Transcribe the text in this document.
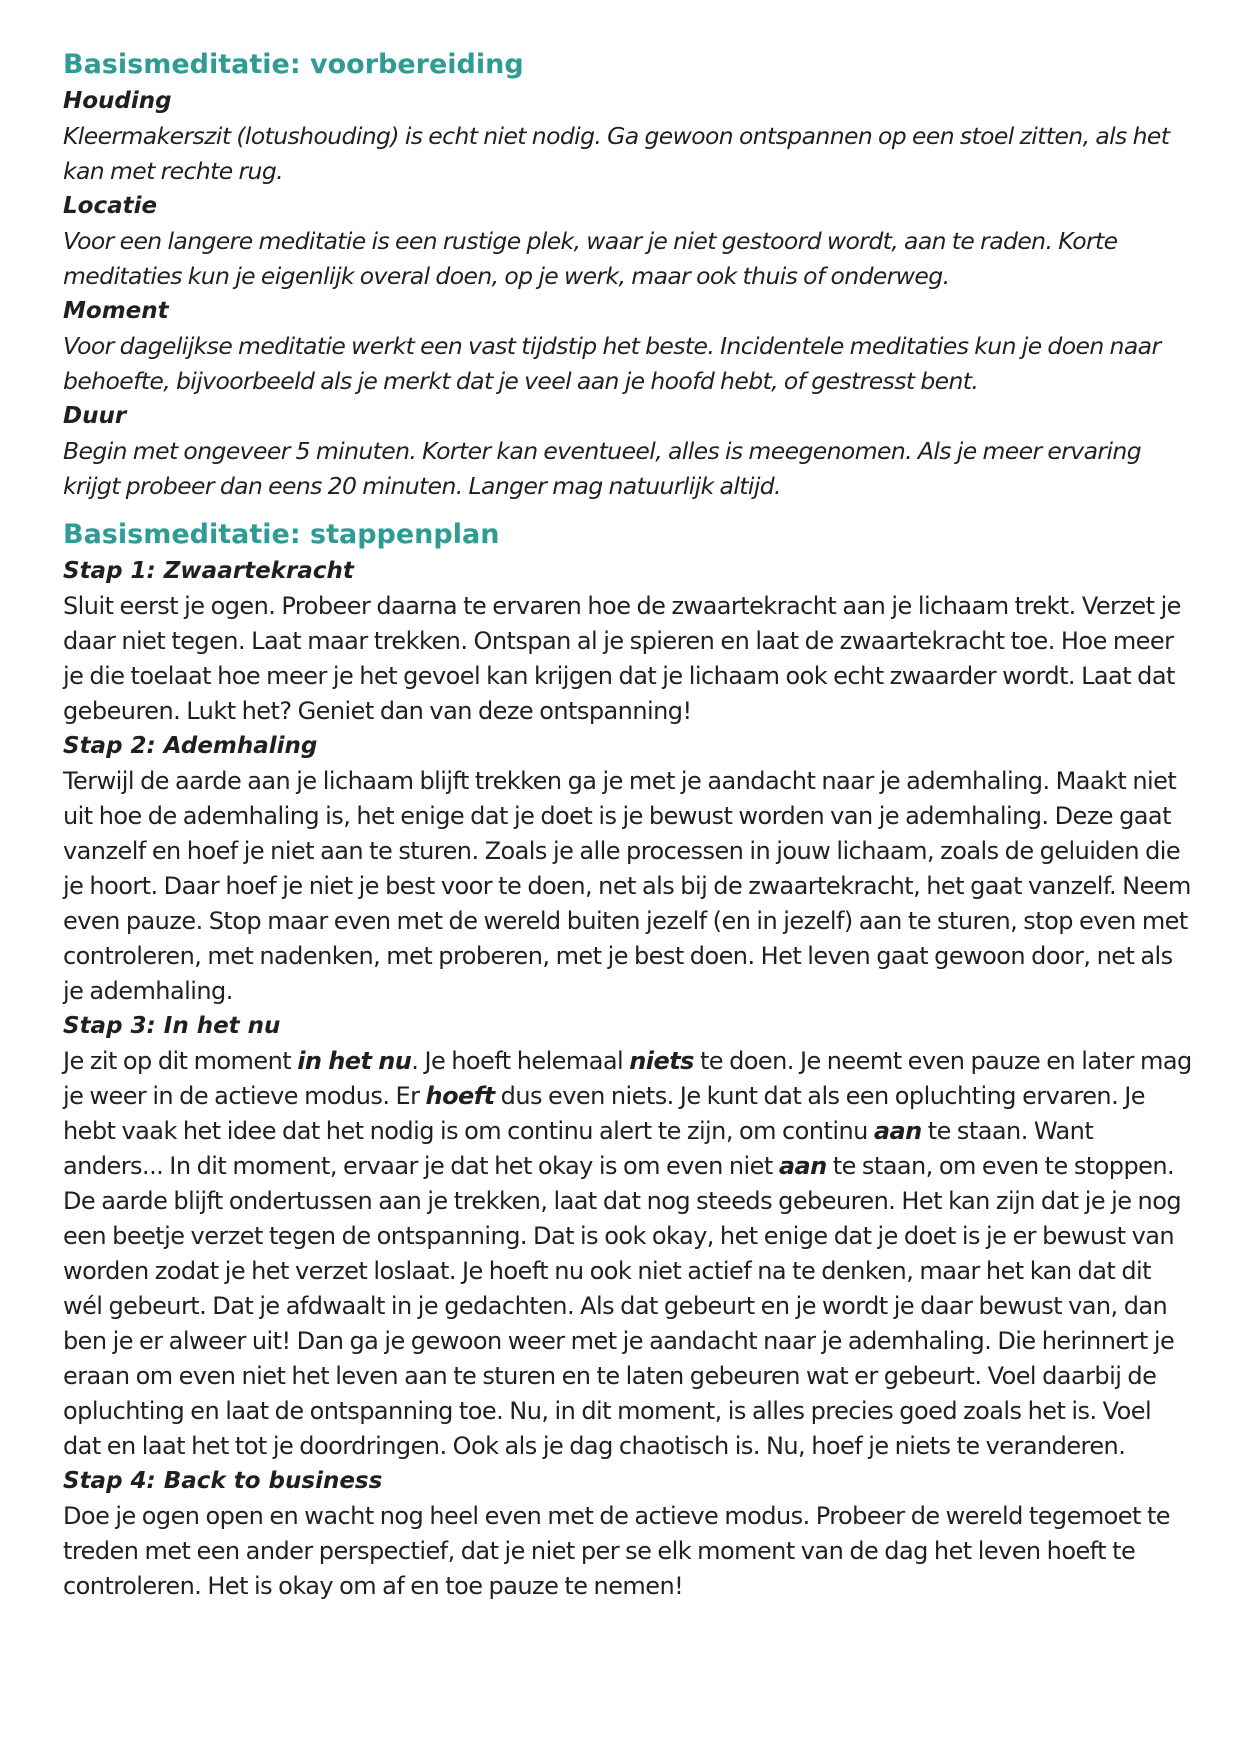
Basismeditatie: voorbereiding
Houding

Kleermakerszit (lotushouding) is echt niet nodig. Ga gewoon ontspannen op een stoel zitten, als het kan met rechte rug.

Locatie

Voor een langere meditatie is een rustige plek, waar je niet gestoord wordt, aan te raden. Korte meditaties kun je eigenlijk overal doen, op je werk, maar ook thuis of onderweg.

Moment

Voor dagelijkse meditatie werkt een vast tijdstip het beste. Incidentele meditaties kun je doen naar behoefte, bijvoorbeeld als je merkt dat je veel aan je hoofd hebt, of gestresst bent.

Duur

Begin met ongeveer 5 minuten. Korter kan eventueel, alles is meegenomen. Als je meer ervaring krijgt probeer dan eens 20 minuten. Langer mag natuurlijk altijd.

Basismeditatie: stappenplan
Stap 1: Zwaartekracht

Sluit eerst je ogen. Probeer daarna te ervaren hoe de zwaartekracht aan je lichaam trekt. Verzet je daar niet tegen. Laat maar trekken. Ontspan al je spieren en laat de zwaartekracht toe. Hoe meer je die toelaat hoe meer je het gevoel kan krijgen dat je lichaam ook echt zwaarder wordt. Laat dat gebeuren. Lukt het? Geniet dan van deze ontspanning!

Stap 2: Ademhaling

Terwijl de aarde aan je lichaam blijft trekken ga je met je aandacht naar je ademhaling. Maakt niet uit hoe de ademhaling is, het enige dat je doet is je bewust worden van je ademhaling. Deze gaat vanzelf en hoef je niet aan te sturen. Zoals je alle processen in jouw lichaam, zoals de geluiden die je hoort. Daar hoef je niet je best voor te doen, net als bij de zwaartekracht, het gaat vanzelf. Neem even pauze. Stop maar even met de wereld buiten jezelf (en in jezelf) aan te sturen, stop even met controleren, met nadenken, met proberen, met je best doen. Het leven gaat gewoon door, net als je ademhaling.

Stap 3: In het nu

Je zit op dit moment in het nu. Je hoeft helemaal niets te doen. Je neemt even pauze en later mag je weer in de actieve modus. Er hoeft dus even niets. Je kunt dat als een opluchting ervaren. Je hebt vaak het idee dat het nodig is om continu alert te zijn, om continu aan te staan. Want anders... In dit moment, ervaar je dat het okay is om even niet aan te staan, om even te stoppen. De aarde blijft ondertussen aan je trekken, laat dat nog steeds gebeuren. Het kan zijn dat je je nog een beetje verzet tegen de ontspanning. Dat is ook okay, het enige dat je doet is je er bewust van worden zodat je het verzet loslaat. Je hoeft nu ook niet actief na te denken, maar het kan dat dit wél gebeurt. Dat je afdwaalt in je gedachten. Als dat gebeurt en je wordt je daar bewust van, dan ben je er alweer uit! Dan ga je gewoon weer met je aandacht naar je ademhaling. Die herinnert je eraan om even niet het leven aan te sturen en te laten gebeuren wat er gebeurt. Voel daarbij de opluchting en laat de ontspanning toe. Nu, in dit moment, is alles precies goed zoals het is. Voel dat en laat het tot je doordringen. Ook als je dag chaotisch is. Nu, hoef je niets te veranderen.

Stap 4: Back to business

Doe je ogen open en wacht nog heel even met de actieve modus. Probeer de wereld tegemoet te treden met een ander perspectief, dat je niet per se elk moment van de dag het leven hoeft te controleren. Het is okay om af en toe pauze te nemen!
